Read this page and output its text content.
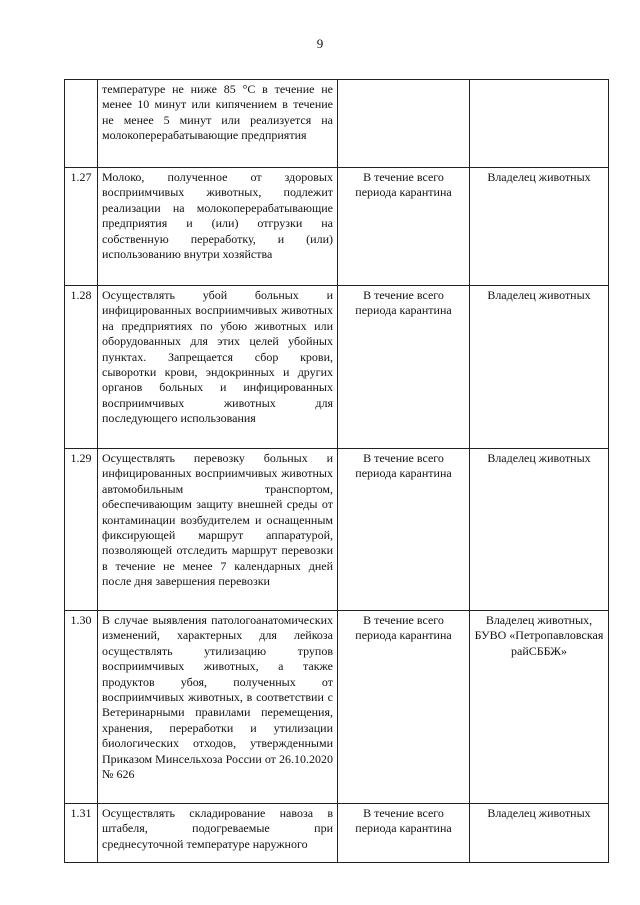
9
	температуре не ниже 85 °С в течение не менее 10 минут или кипячением в течение не менее 5 минут или реализуется на молокоперерабатывающие предприятия		
1.27	Молоко, полученное от здоровых восприимчивых животных, подлежит реализации на молокоперерабатывающие предприятия и (или) отгрузки на собственную переработку, и (или) использованию внутри хозяйства	В течение всего периода карантина	Владелец животных
1.28	Осуществлять убой больных и инфицированных восприимчивых животных на предприятиях по убою животных или оборудованных для этих целей убойных пунктах. Запрещается сбор крови, сыворотки крови, эндокринных и других органов больных и инфицированных восприимчивых животных для последующего использования	В течение всего периода карантина	Владелец животных
1.29	Осуществлять перевозку больных и инфицированных восприимчивых животных автомобильным транспортом, обеспечивающим защиту внешней среды от контаминации возбудителем и оснащенным фиксирующей маршрут аппаратурой, позволяющей отследить маршрут перевозки в течение не менее 7 календарных дней после дня завершения перевозки	В течение всего периода карантина	Владелец животных
1.30	В случае выявления патологоанатомических изменений, характерных для лейкоза осуществлять утилизацию трупов восприимчивых животных, а также продуктов убоя, полученных от восприимчивых животных, в соответствии с Ветеринарными правилами перемещения, хранения, переработки и утилизации биологических отходов, утвержденными Приказом Минсельхоза России от 26.10.2020 № 626	В течение всего периода карантина	Владелец животных, БУВО «Петропавловская райСББЖ»
1.31	Осуществлять складирование навоза в штабеля, подогреваемые при среднесуточной температуре наружного	В течение всего периода карантина	Владелец животных
